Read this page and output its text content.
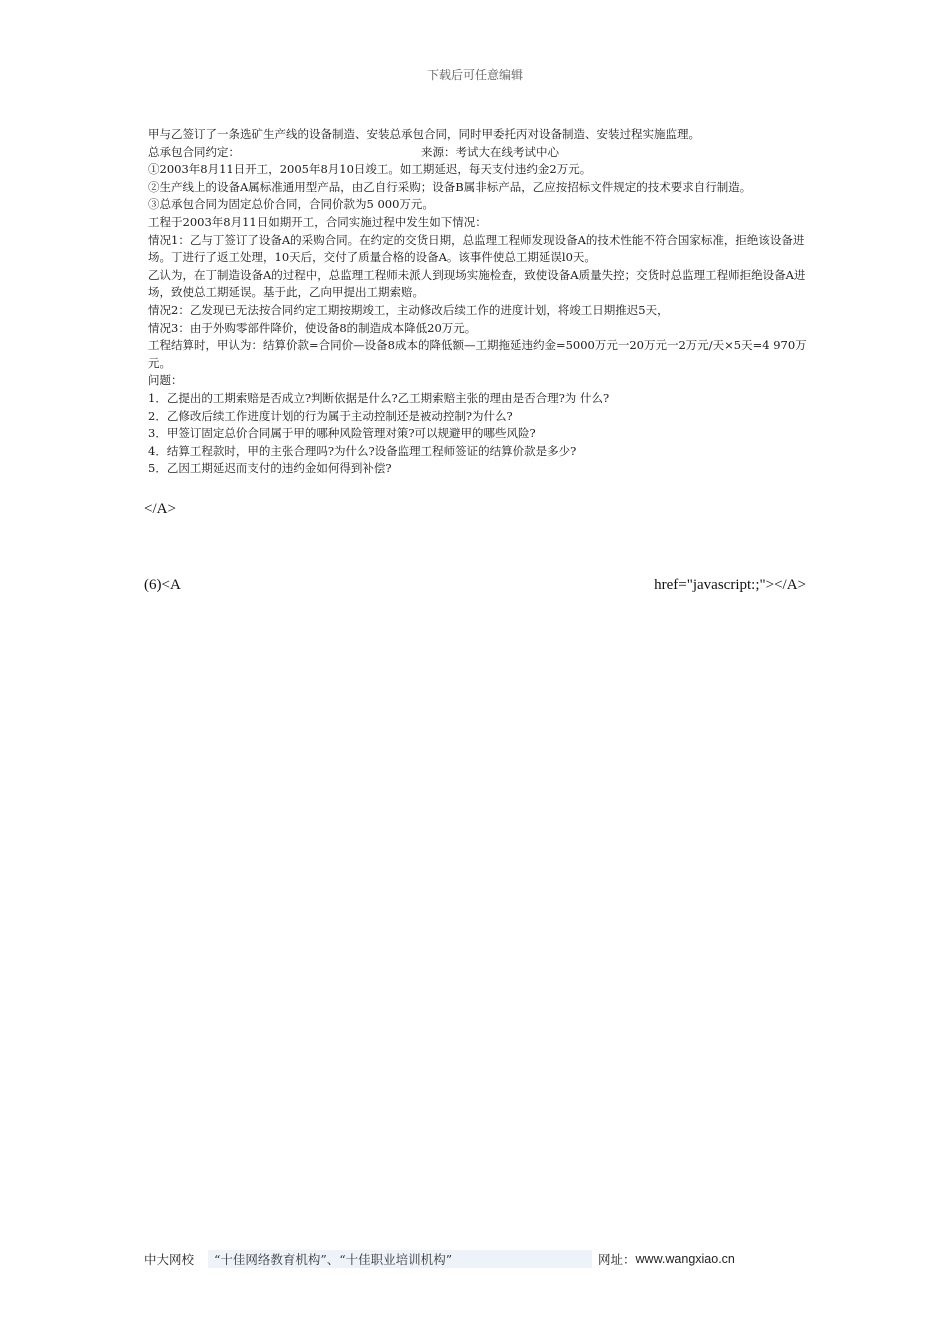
下载后可任意编辑

甲与乙签订了一条选矿生产线的设备制造、安装总承包合同，同时甲委托丙对设备制造、安装过程实施监理。

总承包合同约定：	来源：考试大在线考试中心

①2003年8月11日开工，2005年8月10日竣工。如工期延迟，每天支付违约金2万元。

②生产线上的设备A属标准通用型产品，由乙自行采购；设备B属非标产品，乙应按招标文件规定的技术要求自行制造。

③总承包合同为固定总价合同，合同价款为5 000万元。

工程于2003年8月11日如期开工，合同实施过程中发生如下情况：

情况1：乙与丁签订了设备A的采购合同。在约定的交货日期，总监理工程师发现设备A的技术性能不符合国家标准，拒绝该设备进场。丁进行了返工处理，10天后，交付了质量合格的设备A。该事件使总工期延误l0天。

乙认为，在丁制造设备A的过程中，总监理工程师未派人到现场实施检查，致使设备A质量失控；交货时总监理工程师拒绝设备A进场，致使总工期延误。基于此，乙向甲提出工期索赔。

情况2：乙发现已无法按合同约定工期按期竣工，主动修改后续工作的进度计划，将竣工日期推迟5天，

情况3：由于外购零部件降价，使设备8的制造成本降低20万元。

工程结算时，甲认为：结算价款=合同价—设备8成本的降低额—工期拖延违约金=5000万元一20万元一2万元/天×5天=4 970万元。

问题：

1．乙提出的工期索赔是否成立?判断依据是什么?乙工期索赔主张的理由是否合理?为 什么?

2．乙修改后续工作进度计划的行为属于主动控制还是被动控制?为什么?

3．甲签订固定总价合同属于甲的哪种风险管理对策?可以规避甲的哪些风险?

4．结算工程款时，甲的主张合理吗?为什么?设备监理工程师签证的结算价款是多少?

5．乙因工期延迟而支付的违约金如何得到补偿?

</A>
(6)<A	href="javascript:;"></A>
中大网校	“十佳网络教育机构”、“十佳职业培训机构”	网址： www.wangxiao.cn
